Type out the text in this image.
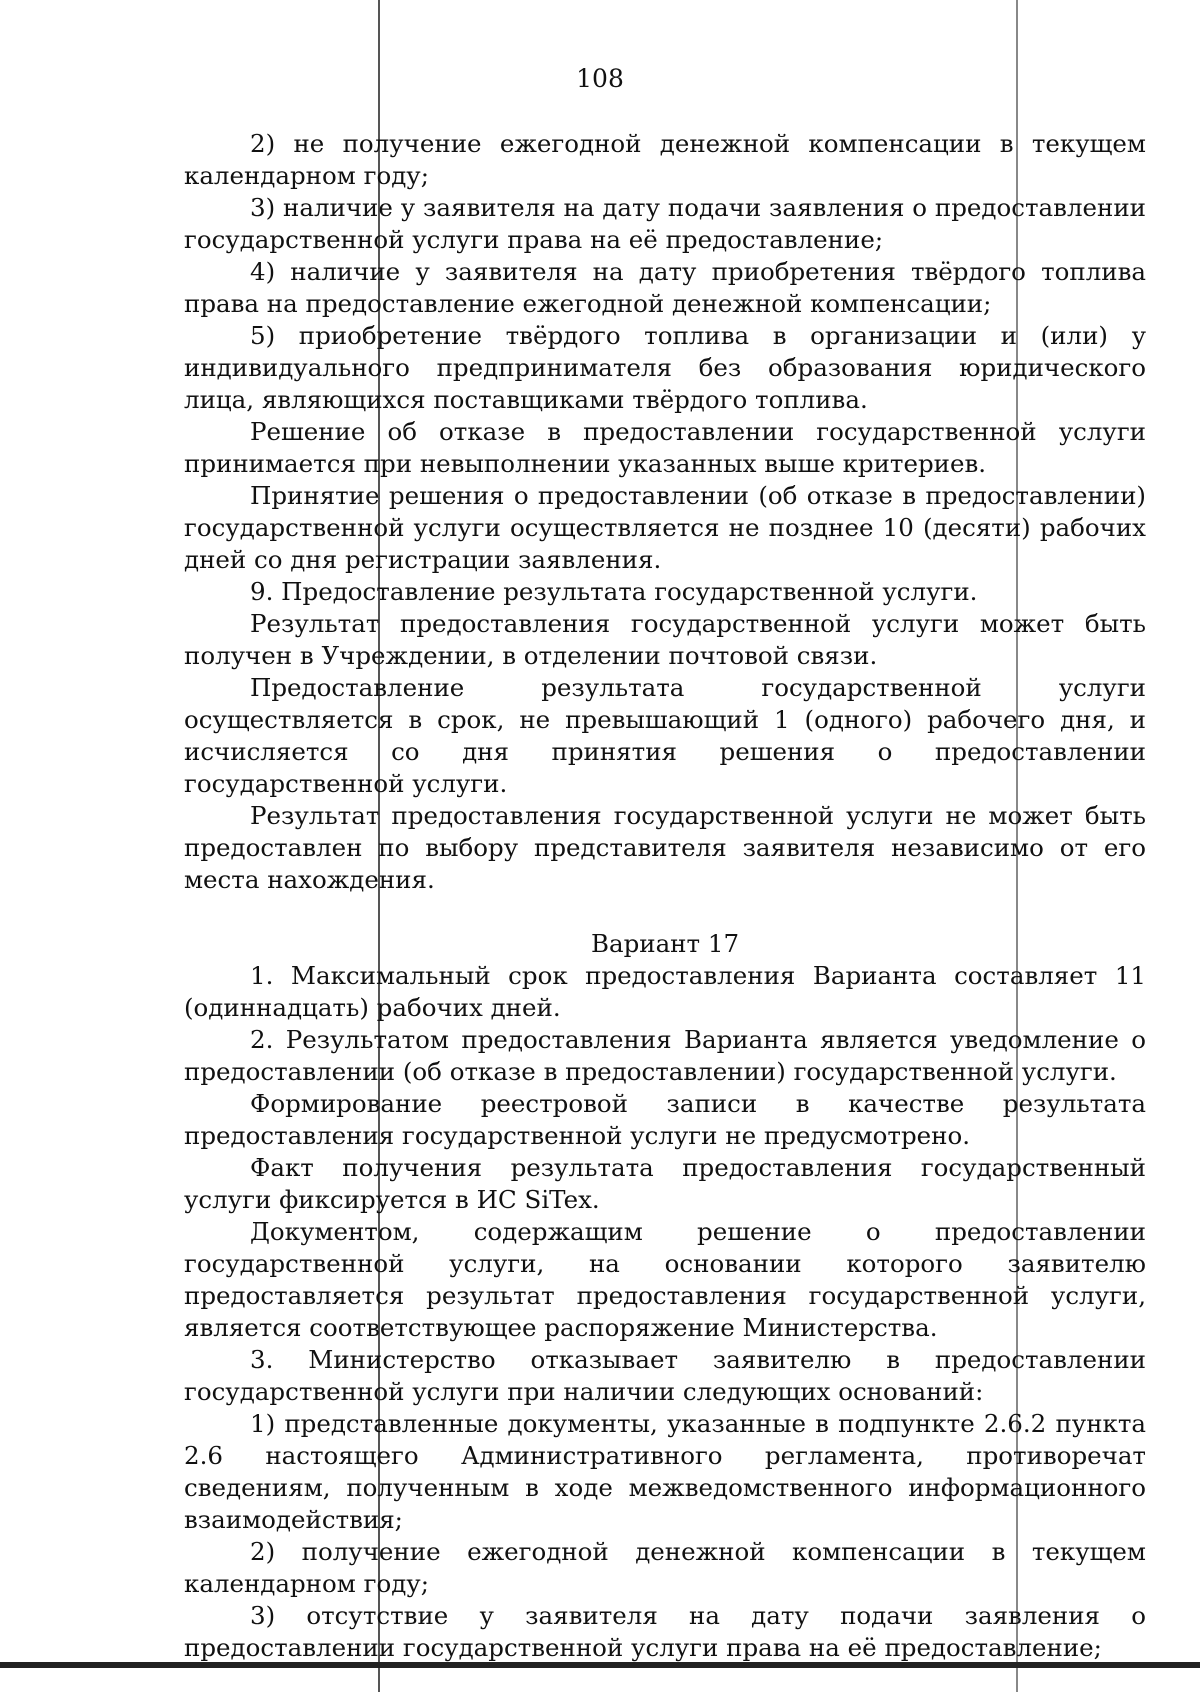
108

2) не получение ежегодной денежной компенсации в текущем календарном году;

3) наличие у заявителя на дату подачи заявления о предоставлении государственной услуги права на её предоставление;

4) наличие у заявителя на дату приобретения твёрдого топлива права на предоставление ежегодной денежной компенсации;

5) приобретение твёрдого топлива в организации и (или) у индивидуального предпринимателя без образования юридического лица, являющихся поставщиками твёрдого топлива.

Решение об отказе в предоставлении государственной услуги принимается при невыполнении указанных выше критериев.

Принятие решения о предоставлении (об отказе в предоставлении) государственной услуги осуществляется не позднее 10 (десяти) рабочих дней со дня регистрации заявления.

9. Предоставление результата государственной услуги.

Результат предоставления государственной услуги может быть получен в Учреждении, в отделении почтовой связи.

Предоставление результата государственной услуги осуществляется в срок, не превышающий 1 (одного) рабочего дня, и исчисляется со дня принятия решения о предоставлении государственной услуги.

Результат предоставления государственной услуги не может быть предоставлен по выбору представителя заявителя независимо от его места нахождения.

Вариант 17

1. Максимальный срок предоставления Варианта составляет 11 (одиннадцать) рабочих дней.

2. Результатом предоставления Варианта является уведомление о предоставлении (об отказе в предоставлении) государственной услуги.

Формирование реестровой записи в качестве результата предоставления государственной услуги не предусмотрено.

Факт получения результата предоставления государственный услуги фиксируется в ИС SiTex.

Документом, содержащим решение о предоставлении государственной услуги, на основании которого заявителю предоставляется результат предоставления государственной услуги, является соответствующее распоряжение Министерства.

3. Министерство отказывает заявителю в предоставлении государственной услуги при наличии следующих оснований:

1) представленные документы, указанные в подпункте 2.6.2 пункта 2.6 настоящего Административного регламента, противоречат сведениям, полученным в ходе межведомственного информационного взаимодействия;

2) получение ежегодной денежной компенсации в текущем календарном году;

3) отсутствие у заявителя на дату подачи заявления о предоставлении государственной услуги права на её предоставление;
